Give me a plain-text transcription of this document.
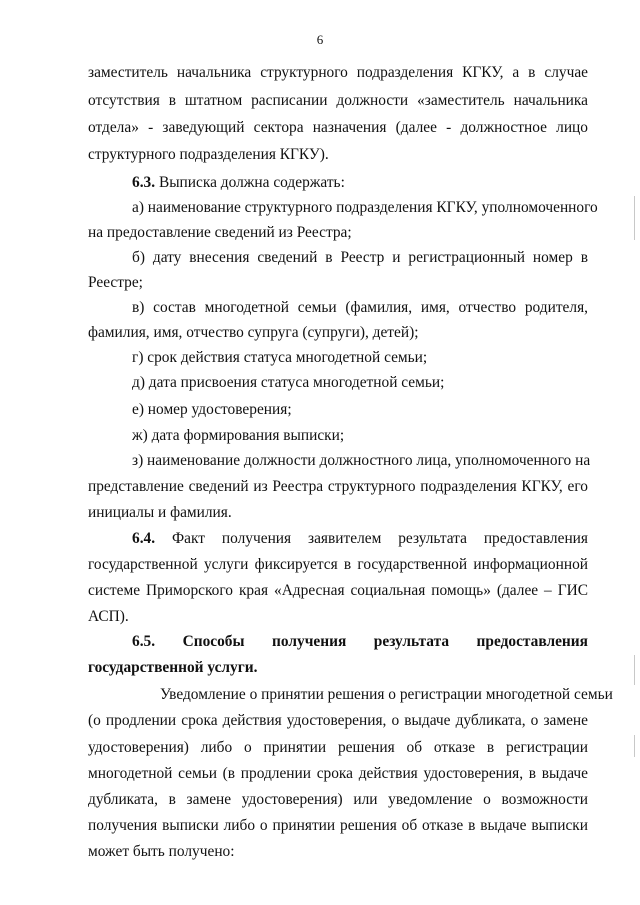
6
заместитель начальника структурного подразделения КГКУ, а в случае
отсутствия в штатном расписании должности «заместитель начальника
отдела» - заведующий сектора назначения (далее - должностное лицо
структурного подразделения КГКУ).
6.3. Выписка должна содержать:
а) наименование структурного подразделения КГКУ, уполномоченного
на предоставление сведений из Реестра;
б) дату внесения сведений в Реестр и регистрационный номер в
Реестре;
в) состав многодетной семьи (фамилия, имя, отчество родителя,
фамилия, имя, отчество супруга (супруги), детей);
г) срок действия статуса многодетной семьи;
д) дата присвоения статуса многодетной семьи;
е) номер удостоверения;
ж) дата формирования выписки;
з) наименование должности должностного лица, уполномоченного на
представление сведений из Реестра структурного подразделения КГКУ, его
инициалы и фамилия.
6.4. Факт получения заявителем результата предоставления
государственной услуги фиксируется в государственной информационной
системе Приморского края «Адресная социальная помощь» (далее – ГИС
АСП).
6.5. Способы получения результата предоставления
государственной услуги.
Уведомление о принятии решения о регистрации многодетной семьи
(о продлении срока действия удостоверения, о выдаче дубликата, о замене
удостоверения) либо о принятии решения об отказе в регистрации
многодетной семьи (в продлении срока действия удостоверения, в выдаче
дубликата, в замене удостоверения) или уведомление о возможности
получения выписки либо о принятии решения об отказе в выдаче выписки
может быть получено:
